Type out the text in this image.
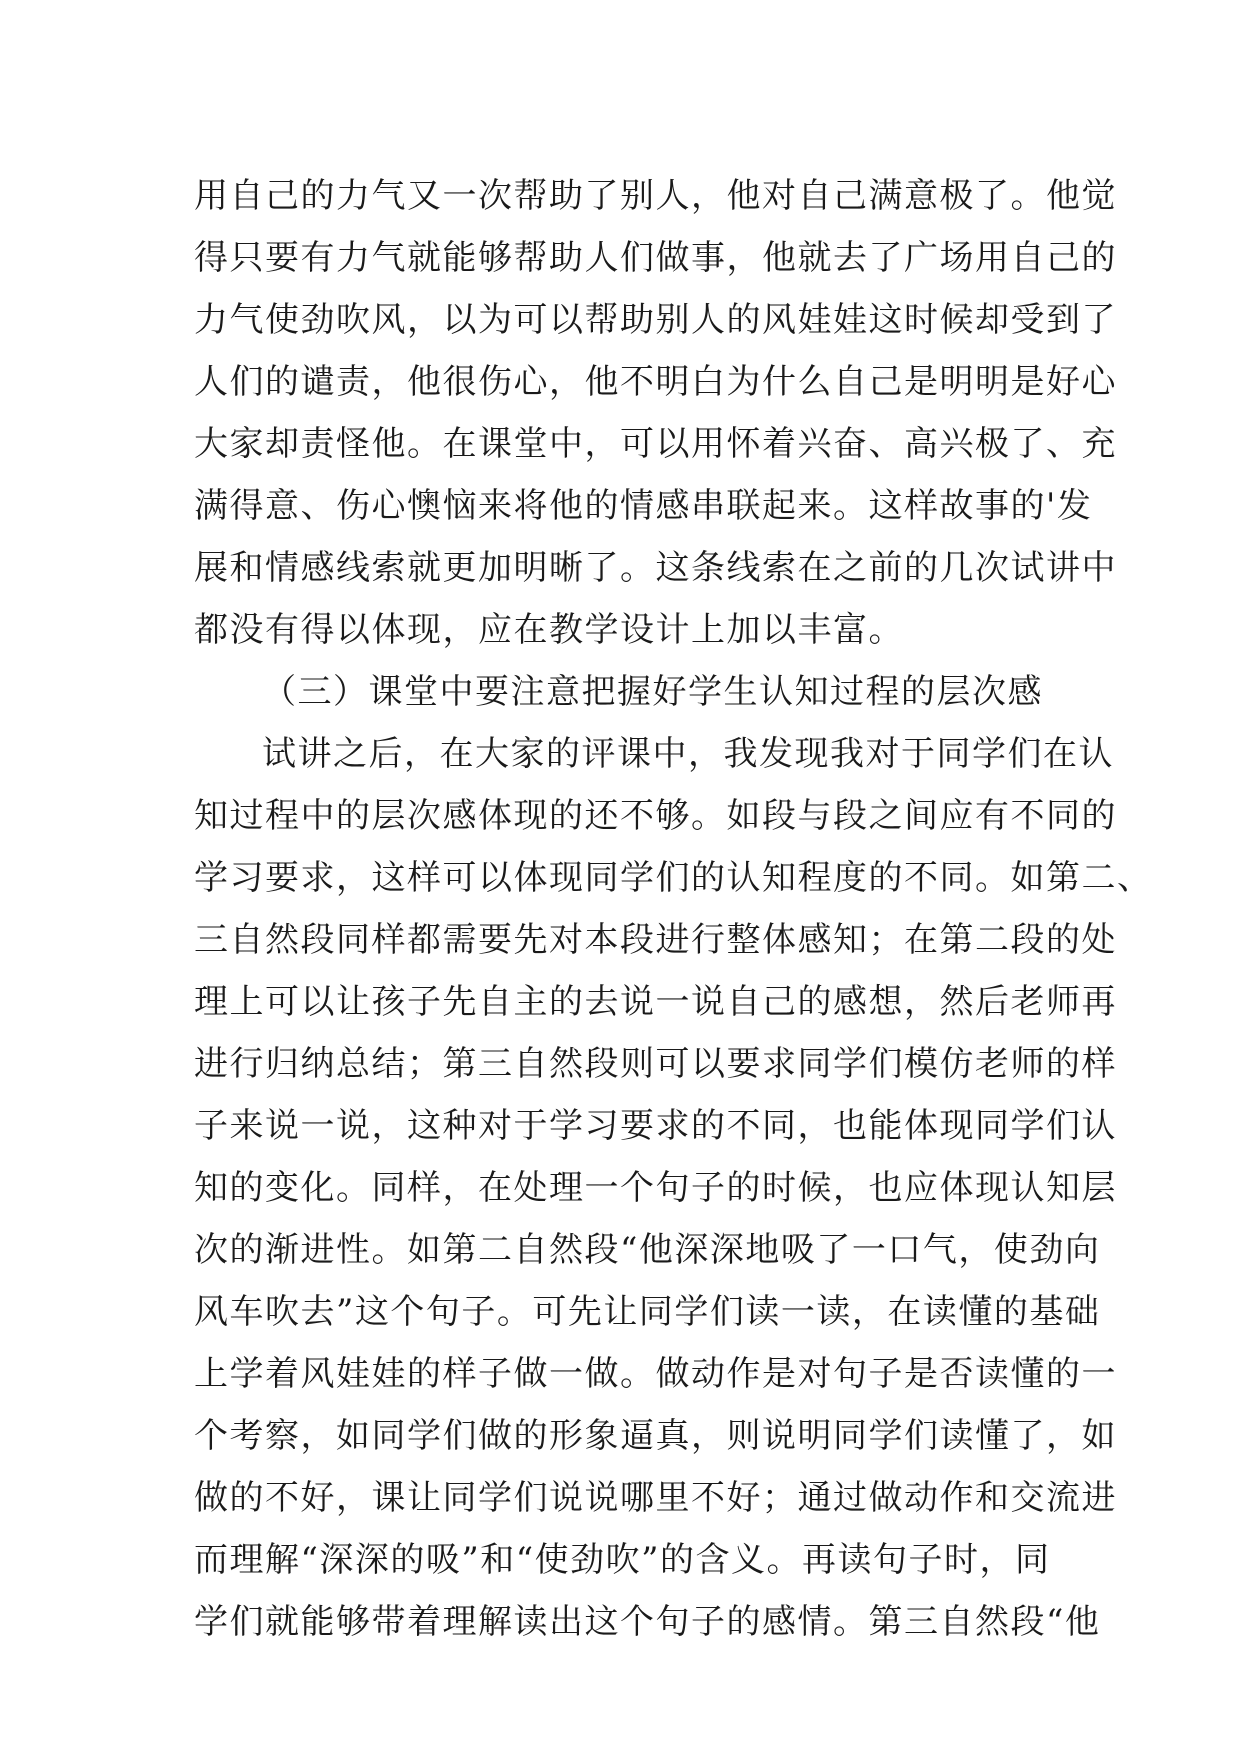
用自己的力气又一次帮助了别人，他对自己满意极了。他觉
得只要有力气就能够帮助人们做事，他就去了广场用自己的
力气使劲吹风，以为可以帮助别人的风娃娃这时候却受到了
人们的谴责，他很伤心，他不明白为什么自己是明明是好心
大家却责怪他。在课堂中，可以用怀着兴奋、高兴极了、充
满得意、伤心懊恼来将他的情感串联起来。这样故事的'发
展和情感线索就更加明晰了。这条线索在之前的几次试讲中
都没有得以体现，应在教学设计上加以丰富。
（三）课堂中要注意把握好学生认知过程的层次感
试讲之后，在大家的评课中，我发现我对于同学们在认
知过程中的层次感体现的还不够。如段与段之间应有不同的
学习要求，这样可以体现同学们的认知程度的不同。如第二、
三自然段同样都需要先对本段进行整体感知；在第二段的处
理上可以让孩子先自主的去说一说自己的感想，然后老师再
进行归纳总结；第三自然段则可以要求同学们模仿老师的样
子来说一说，这种对于学习要求的不同，也能体现同学们认
知的变化。同样，在处理一个句子的时候，也应体现认知层
次的渐进性。如第二自然段“他深深地吸了一口气，使劲向
风车吹去”这个句子。可先让同学们读一读，在读懂的基础
上学着风娃娃的样子做一做。做动作是对句子是否读懂的一
个考察，如同学们做的形象逼真，则说明同学们读懂了，如
做的不好，课让同学们说说哪里不好；通过做动作和交流进
而理解“深深的吸”和“使劲吹”的含义。再读句子时，同
学们就能够带着理解读出这个句子的感情。第三自然段“他
